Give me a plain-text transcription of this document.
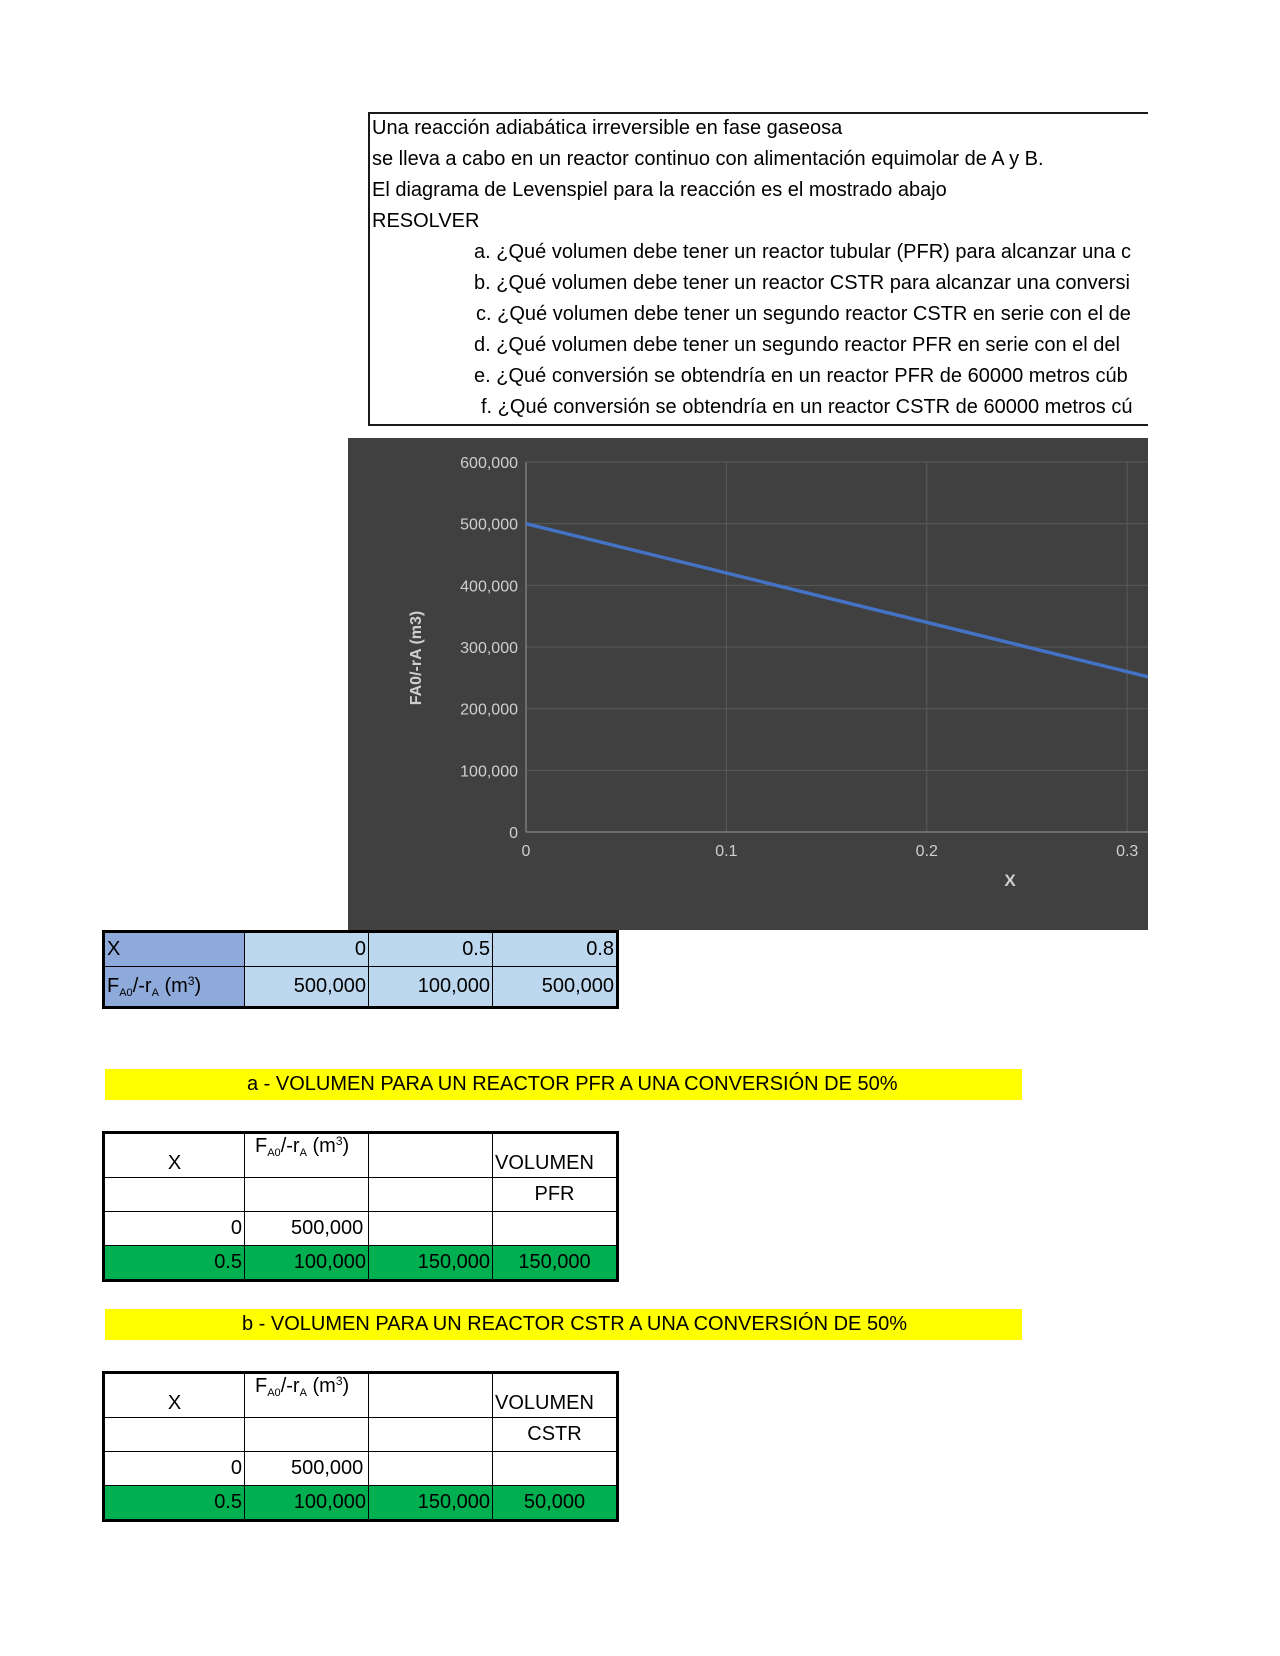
Una reacción adiabática irreversible en fase gaseosa
se lleva a cabo en un reactor continuo con alimentación equimolar de A y B.
El diagrama de Levenspiel para la reacción es el mostrado abajo
RESOLVER
a. ¿Qué volumen debe tener un reactor tubular (PFR) para alcanzar una c
b. ¿Qué volumen debe tener un reactor CSTR para alcanzar una conversi
c. ¿Qué volumen debe tener un segundo reactor CSTR en serie con el de
d. ¿Qué volumen debe tener un segundo reactor PFR en serie con el del
e. ¿Qué conversión se obtendría en un reactor PFR de 60000 metros cúb
f. ¿Qué conversión se obtendría en un reactor CSTR de 60000 metros cú
0
100,000
200,000
300,000
400,000
500,000
600,000
0	0.1	0.2	0.3
X
FA0/-rA (m3)
X	0	0.5	0.8
$F_{A0}/-r_A$ $(m^3)$	500,000	100,000	500,000
a - VOLUMEN PARA UN REACTOR PFR A UNA CONVERSIÓN DE 50%
X	$F_{A0}/-r_A$ $(m^3)$		VOLUMEN
			PFR
0	500,000		
0.5	100,000	150,000	150,000
b - VOLUMEN PARA UN REACTOR CSTR A UNA CONVERSIÓN DE 50%
X	$F_{A0}/-r_A$ $(m^3)$		VOLUMEN
			CSTR
0	500,000		
0.5	100,000	150,000	50,000
